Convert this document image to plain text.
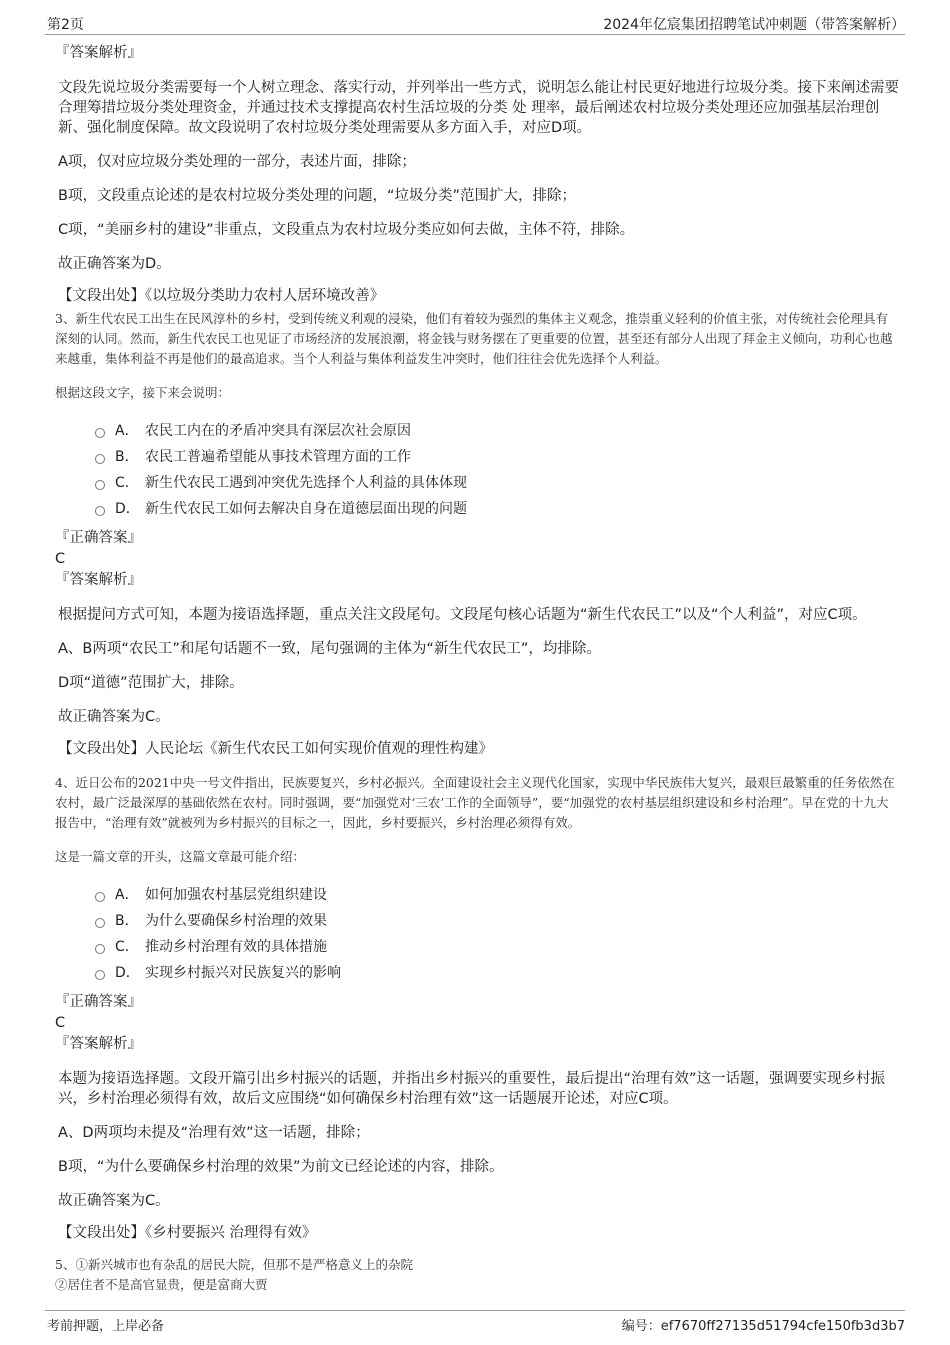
第2页	2024年亿宸集团招聘笔试冲刺题（带答案解析）
『答案解析』
文段先说垃圾分类需要每一个人树立理念、落实行动，并列举出一些方式，说明怎么能让村民更好地进行垃圾分类。接下来阐述需要合理筹措垃圾分类处理资金，并通过技术支撑提高农村生活垃圾的分类 处 理率，最后阐述农村垃圾分类处理还应加强基层治理创新、强化制度保障。故文段说明了农村垃圾分类处理需要从多方面入手，对应D项。
A项，仅对应垃圾分类处理的一部分，表述片面，排除；
B项，文段重点论述的是农村垃圾分类处理的问题，“垃圾分类”范围扩大，排除；
C项，“美丽乡村的建设”非重点，文段重点为农村垃圾分类应如何去做，主体不符，排除。
故正确答案为D。
【文段出处】《以垃圾分类助力农村人居环境改善》
3、新生代农民工出生在民风淳朴的乡村，受到传统义利观的浸染，他们有着较为强烈的集体主义观念，推崇重义轻利的价值主张，对传统社会伦理具有深刻的认同。然而，新生代农民工也见证了市场经济的发展浪潮，将金钱与财务摆在了更重要的位置，甚至还有部分人出现了拜金主义倾向，功利心也越来越重，集体利益不再是他们的最高追求。当个人利益与集体利益发生冲突时，他们往往会优先选择个人利益。
根据这段文字，接下来会说明：
A． 农民工内在的矛盾冲突具有深层次社会原因
B． 农民工普遍希望能从事技术管理方面的工作
C． 新生代农民工遇到冲突优先选择个人利益的具体体现
D． 新生代农民工如何去解决自身在道德层面出现的问题
『正确答案』
C
『答案解析』
根据提问方式可知，本题为接语选择题，重点关注文段尾句。文段尾句核心话题为“新生代农民工”以及“个人利益”，对应C项。
A、B两项“农民工”和尾句话题不一致，尾句强调的主体为“新生代农民工”，均排除。
D项“道德”范围扩大，排除。
故正确答案为C。
【文段出处】人民论坛《新生代农民工如何实现价值观的理性构建》
4、近日公布的2021中央一号文件指出，民族要复兴，乡村必振兴。全面建设社会主义现代化国家，实现中华民族伟大复兴，最艰巨最繁重的任务依然在农村，最广泛最深厚的基础依然在农村。同时强调，要“加强党对‘三农’工作的全面领导”，要“加强党的农村基层组织建设和乡村治理”。早在党的十九大报告中，“治理有效”就被列为乡村振兴的目标之一，因此，乡村要振兴，乡村治理必须得有效。
这是一篇文章的开头，这篇文章最可能介绍：
A． 如何加强农村基层党组织建设
B． 为什么要确保乡村治理的效果
C． 推动乡村治理有效的具体措施
D． 实现乡村振兴对民族复兴的影响
『正确答案』
C
『答案解析』
本题为接语选择题。文段开篇引出乡村振兴的话题，并指出乡村振兴的重要性，最后提出“治理有效”这一话题，强调要实现乡村振兴，乡村治理必须得有效，故后文应围绕“如何确保乡村治理有效”这一话题展开论述，对应C项。
A、D两项均未提及“治理有效”这一话题，排除；
B项，“为什么要确保乡村治理的效果”为前文已经论述的内容，排除。
故正确答案为C。
【文段出处】《乡村要振兴 治理得有效》
5、①新兴城市也有杂乱的居民大院，但那不是严格意义上的杂院
②居住者不是高官显贵，便是富商大贾
考前押题，上岸必备	编号：ef7670ff27135d51794cfe150fb3d3b7
